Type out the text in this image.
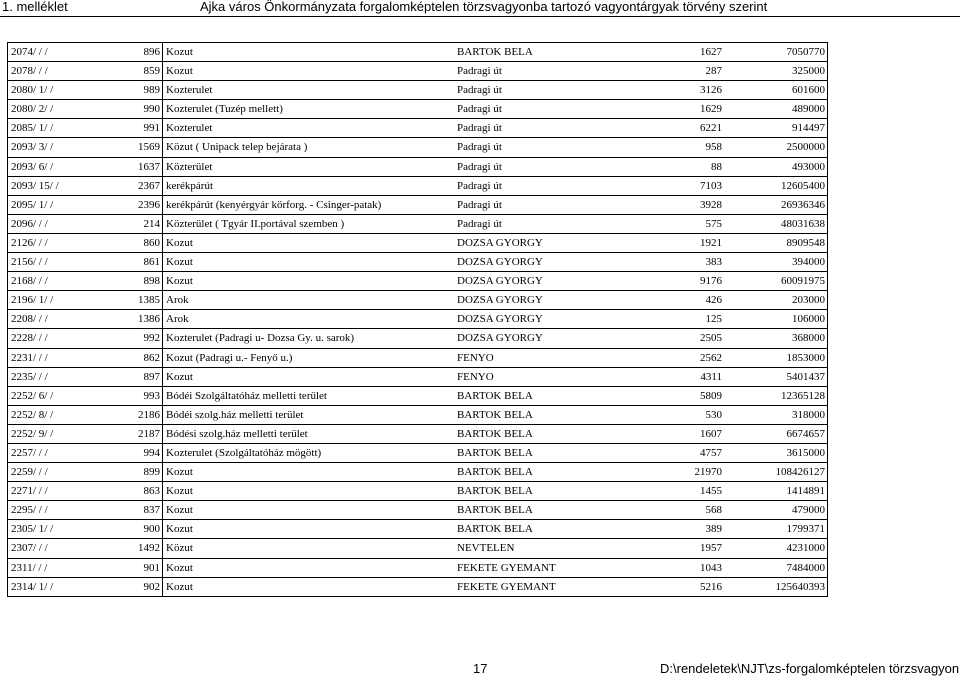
1. melléklet	Ajka város Önkormányzata forgalomképtelen törzsvagyonba tartozó vagyontárgyak törvény szerint
2074/ / /	896 Kozut	BARTOK BELA	1627	7050770
2078/ / /	859 Kozut	Padragi út	287	325000
2080/ 1/ /	989 Kozterulet	Padragi út	3126	601600
2080/ 2/ /	990 Kozterulet (Tuzép mellett)	Padragi út	1629	489000
2085/ 1/ /	991 Kozterulet	Padragi út	6221	914497
2093/ 3/ /	1569 Közut ( Unipack telep bejárata )	Padragi út	958	2500000
2093/ 6/ /	1637 Közterület	Padragi út	88	493000
2093/ 15/ /	2367 kerékpárút	Padragi út	7103	12605400
2095/ 1/ /	2396 kerékpárút (kenyérgyár körforg. - Csinger-patak)	Padragi út	3928	26936346
2096/ / /	214 Közterület ( Tgyár II.portával szemben )	Padragi út	575	48031638
2126/ / /	860 Kozut	DOZSA GYORGY	1921	8909548
2156/ / /	861 Kozut	DOZSA GYORGY	383	394000
2168/ / /	898 Kozut	DOZSA GYORGY	9176	60091975
2196/ 1/ /	1385 Arok	DOZSA GYORGY	426	203000
2208/ / /	1386 Arok	DOZSA GYORGY	125	106000
2228/ / /	992 Kozterulet (Padragi u- Dozsa Gy. u. sarok)	DOZSA GYORGY	2505	368000
2231/ / /	862 Kozut (Padragi u.- Fenyő u.)	FENYO	2562	1853000
2235/ / /	897 Kozut	FENYO	4311	5401437
2252/ 6/ /	993 Bódéi Szolgáltatóház melletti terület	BARTOK BELA	5809	12365128
2252/ 8/ /	2186 Bódéi szolg.ház melletti terület	BARTOK BELA	530	318000
2252/ 9/ /	2187 Bódési szolg.ház melletti terület	BARTOK BELA	1607	6674657
2257/ / /	994 Kozterulet (Szolgáltatóház mögött)	BARTOK BELA	4757	3615000
2259/ / /	899 Kozut	BARTOK BELA	21970	108426127
2271/ / /	863 Kozut	BARTOK BELA	1455	1414891
2295/ / /	837 Kozut	BARTOK BELA	568	479000
2305/ 1/ /	900 Kozut	BARTOK BELA	389	1799371
2307/ / /	1492 Közut	NEVTELEN	1957	4231000
2311/ / /	901 Kozut	FEKETE GYEMANT	1043	7484000
2314/ 1/ /	902 Kozut	FEKETE GYEMANT	5216	125640393
17	D:\rendeletek\NJT\zs-forgalomképtelen törzsvagyon
